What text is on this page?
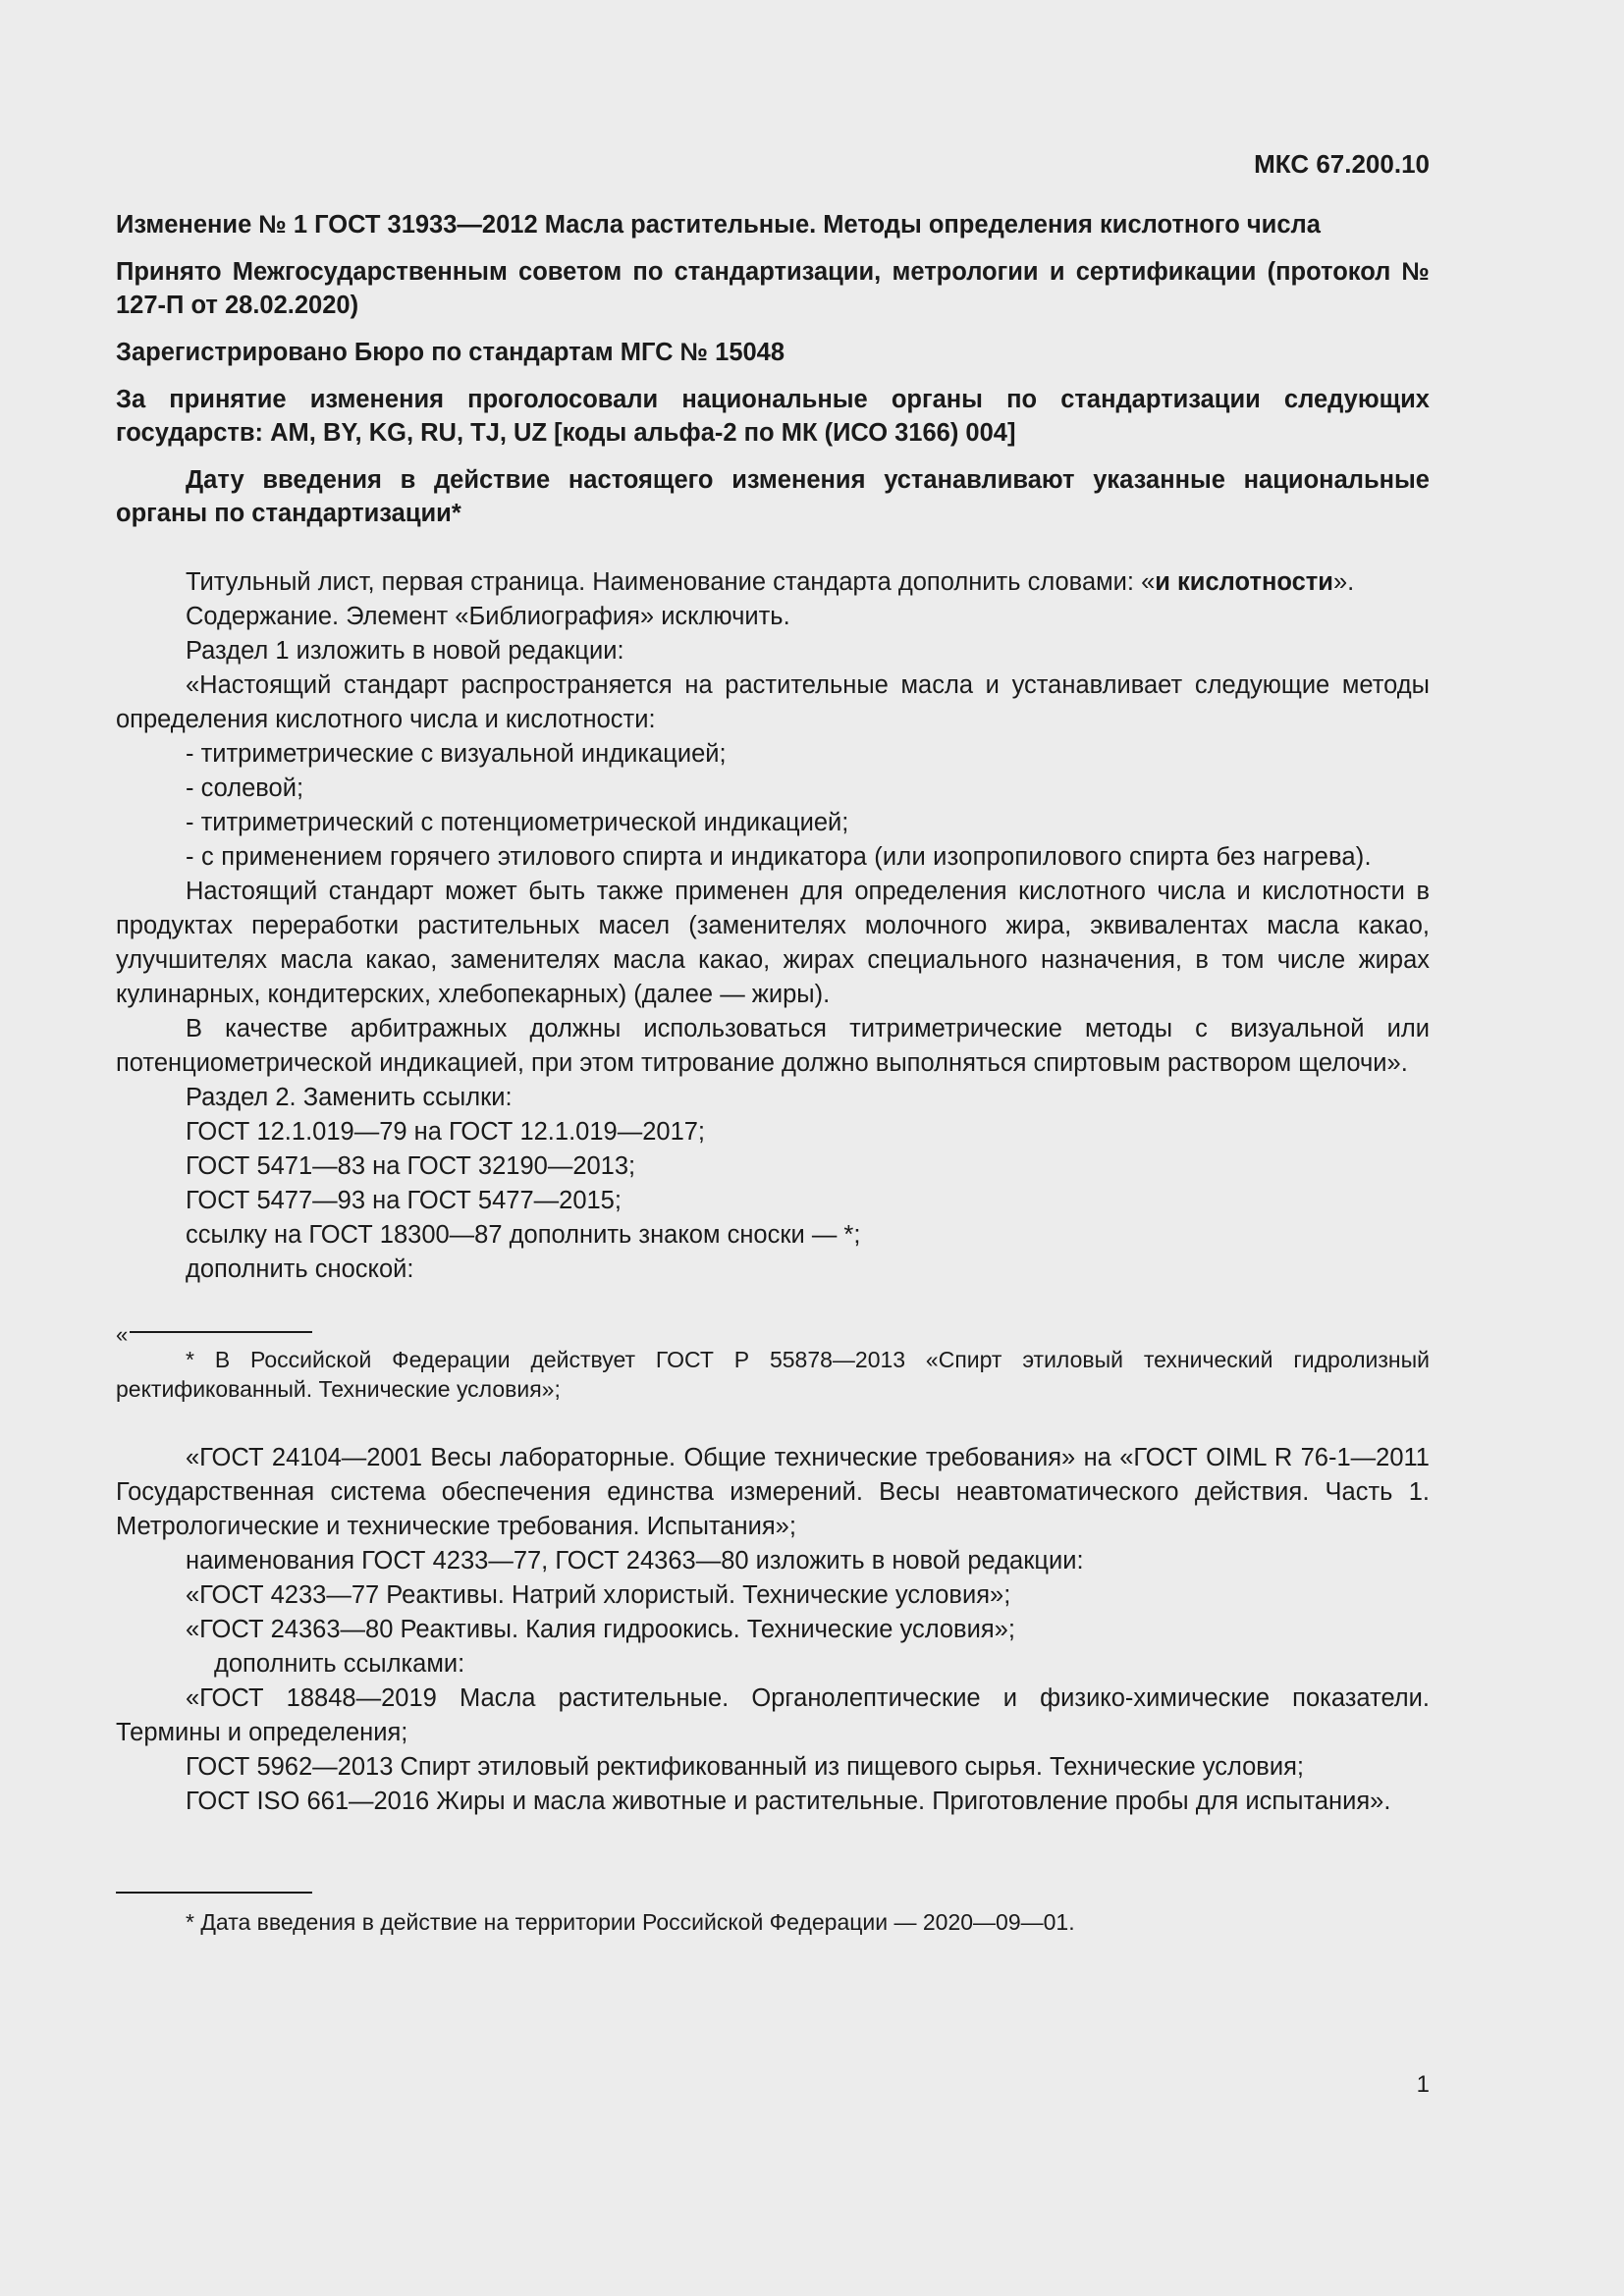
МКС 67.200.10
Изменение № 1 ГОСТ 31933—2012 Масла растительные. Методы определения кислотного числа
Принято Межгосударственным советом по стандартизации, метрологии и сертификации (протокол № 127-П от 28.02.2020)
Зарегистрировано Бюро по стандартам МГС № 15048
За принятие изменения проголосовали национальные органы по стандартизации следующих государств: AM, BY, KG, RU, TJ, UZ [коды альфа-2 по МК (ИСО 3166) 004]
Дату введения в действие настоящего изменения устанавливают указанные национальные органы по стандартизации*

Титульный лист, первая страница. Наименование стандарта дополнить словами: «и кислотности».

Содержание. Элемент «Библиография» исключить.

Раздел 1 изложить в новой редакции:

«Настоящий стандарт распространяется на растительные масла и устанавливает следующие методы определения кислотного числа и кислотности:

- титриметрические с визуальной индикацией;

- солевой;

- титриметрический с потенциометрической индикацией;

- с применением горячего этилового спирта и индикатора (или изопропилового спирта без нагрева).

Настоящий стандарт может быть также применен для определения кислотного числа и кислотности в продуктах переработки растительных масел (заменителях молочного жира, эквивалентах масла какао, улучшителях масла какао, заменителях масла какао, жирах специального назначения, в том числе жирах кулинарных, кондитерских, хлебопекарных) (далее — жиры).

В качестве арбитражных должны использоваться титриметрические методы с визуальной или потенциометрической индикацией, при этом титрование должно выполняться спиртовым раствором щелочи».

Раздел 2. Заменить ссылки:

ГОСТ 12.1.019—79 на ГОСТ 12.1.019—2017;

ГОСТ 5471—83 на ГОСТ 32190—2013;

ГОСТ 5477—93 на ГОСТ 5477—2015;

ссылку на ГОСТ 18300—87 дополнить знаком сноски — *;

дополнить сноской:

«

* В Российской Федерации действует ГОСТ Р 55878—2013 «Спирт этиловый технический гидролизный ректификованный. Технические условия»;

«ГОСТ 24104—2001 Весы лабораторные. Общие технические требования» на «ГОСТ OIML R 76-1—2011 Государственная система обеспечения единства измерений. Весы неавтоматического действия. Часть 1. Метрологические и технические требования. Испытания»;

наименования ГОСТ 4233—77, ГОСТ 24363—80 изложить в новой редакции:

«ГОСТ 4233—77 Реактивы. Натрий хлористый. Технические условия»;

«ГОСТ 24363—80 Реактивы. Калия гидроокись. Технические условия»;

дополнить ссылками:

«ГОСТ 18848—2019 Масла растительные. Органолептические и физико-химические показатели. Термины и определения;

ГОСТ 5962—2013 Спирт этиловый ректификованный из пищевого сырья. Технические условия;

ГОСТ ISO 661—2016 Жиры и масла животные и растительные. Приготовление пробы для испытания».

* Дата введения в действие на территории Российской Федерации — 2020—09—01.

1
